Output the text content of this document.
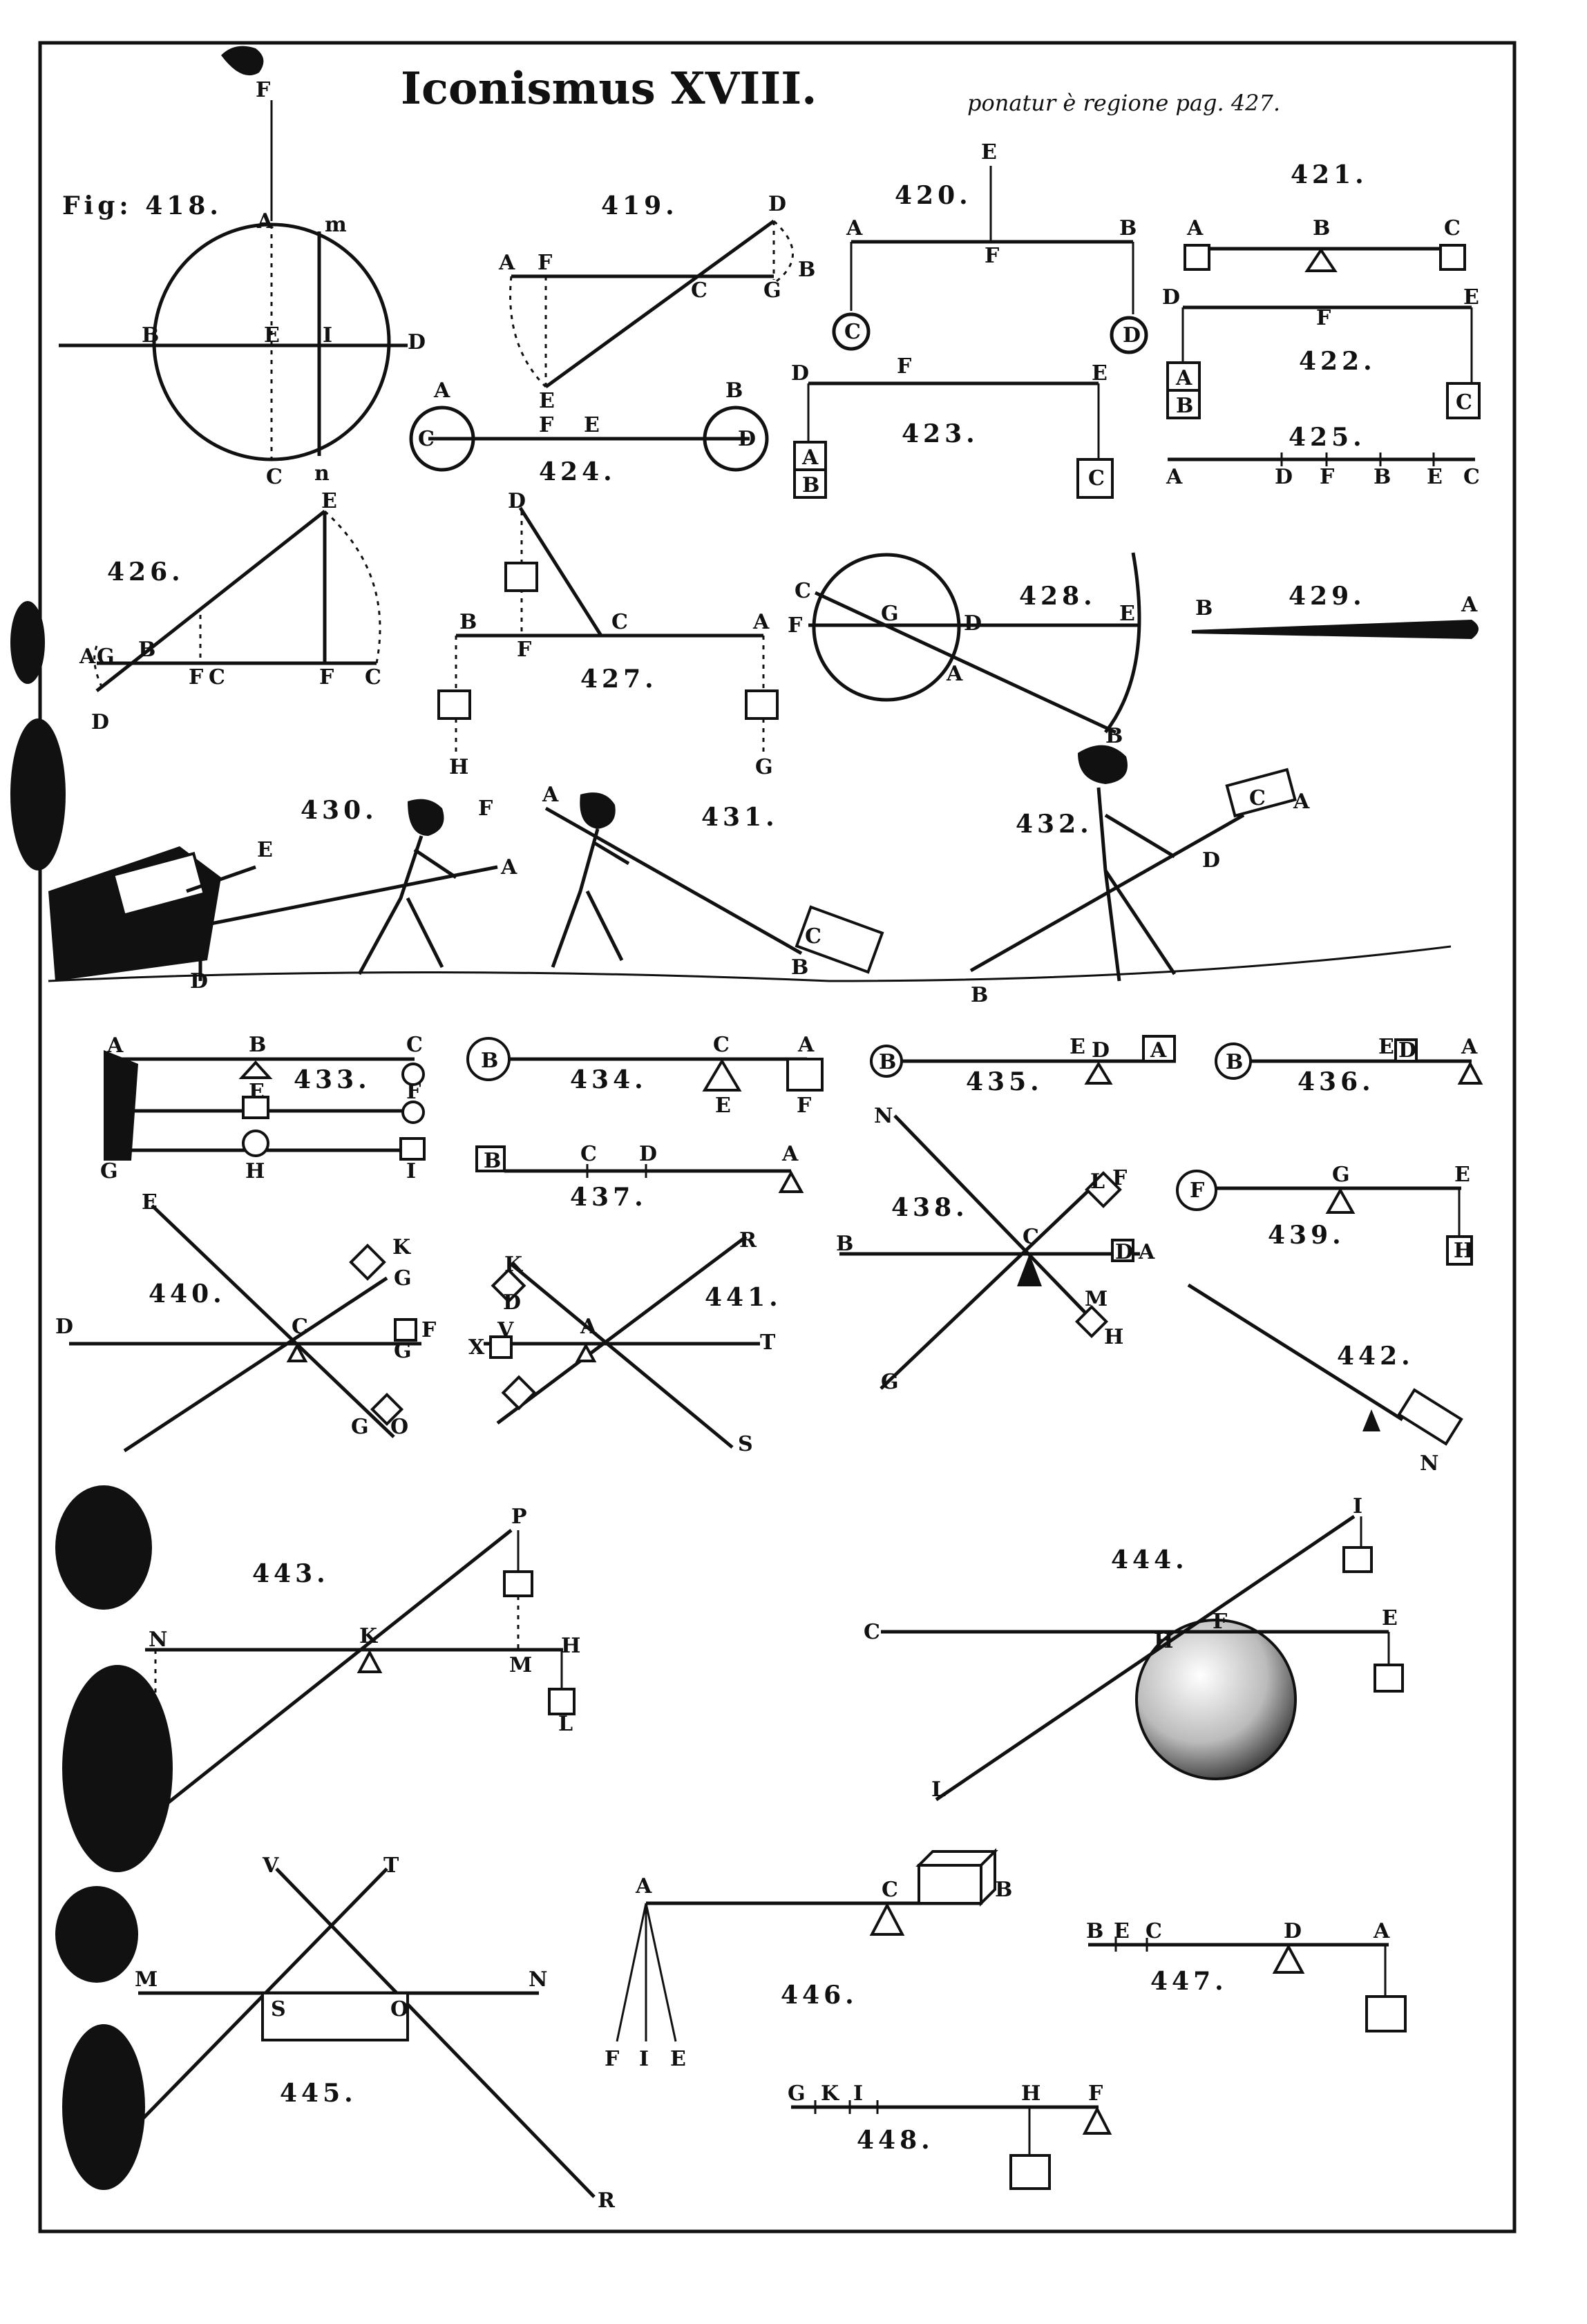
Iconismus XVIII.	ponatur è regione pag. 427.
Fig: 418.
F
A m
B	E I	D
C n
419.
A F
D
B
C	G
E
420.
E
A	B
F
C	D
421.
A	B	C
422.
D
F
E
A
B	C
423.
D	F	E
A
B	C
424.
A	B
C
F E
D	425.
A	D F B E C
426.
E
A G B
F C	F C
D
427.
D
B	C	A
F
H	G
428.
C
F	G	D	E
A
B
429.
B	A
430.
E
F
A
D
431.
A
B
C
432.
C A
D
B
433.
A	B	C
E	F
G	H	I
434.
B
C	A
E	F
435.
B
E D A
436.
B
E D A
437.
B	C D	A
438.
N
L F
B	C
D A
M
H
G
439.
F
G	E
H
440.
E
K
G
D	C	F
G
G O
441.
K
D
R
V
X
A
T
S
442.
N
443.
P
N	K	H
M
L
444.
I
C	H
F	E
L
445.
V	T
M	N
S	O
R
446.
A	C	B
F I E
447.
B E C	D	A
448.
G K I	H F
